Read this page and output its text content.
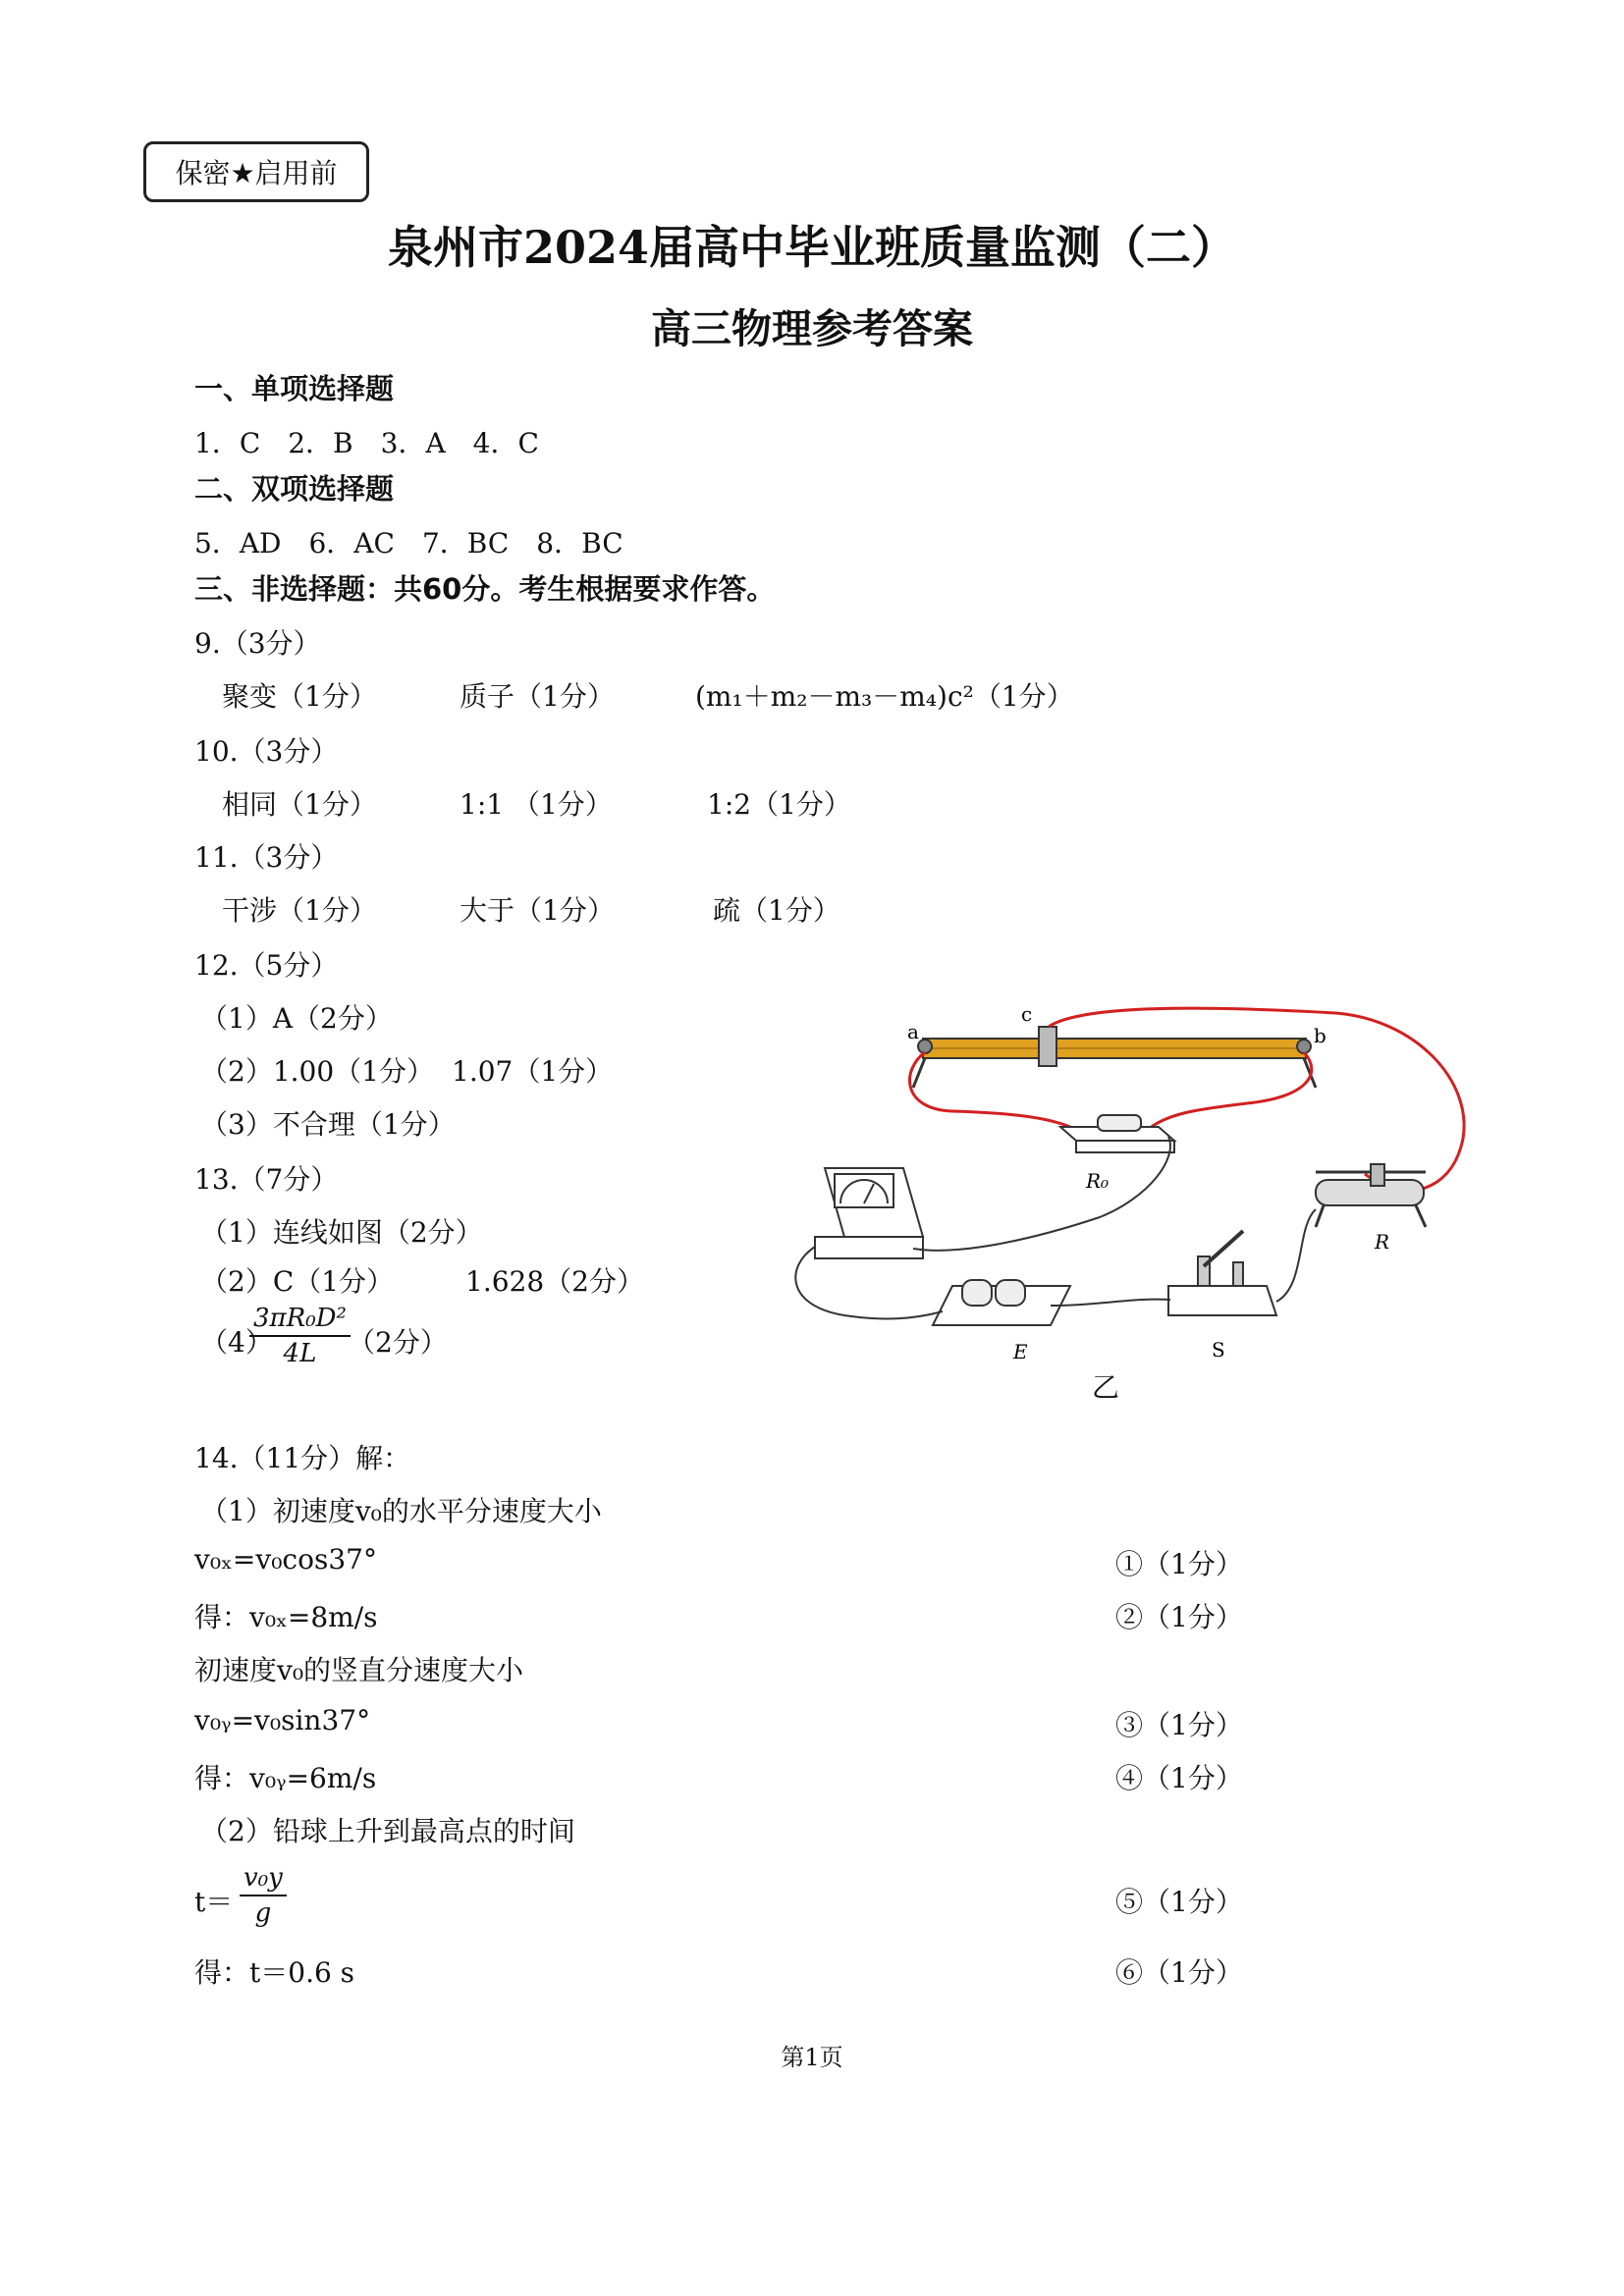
保密★启用前
泉州市2024届高中毕业班质量监测（二）
高三物理参考答案
一、单项选择题
1．C　2．B　3．A　4．C
二、双项选择题
5．AD　6．AC　7．BC　8．BC
三、非选择题：共60分。考生根据要求作答。
9.（3分）
聚变（1分）	质子（1分）	(m₁＋m₂－m₃－m₄)c²（1分）
10.（3分）
相同（1分）	1:1 （1分）	1:2（1分）
11.（3分）
干涉（1分）	大于（1分）	疏（1分）
12.（5分）
（1）A（2分）
（2）1.00（1分） 1.07（1分）
（3）不合理（1分）
13.（7分）
（1）连线如图（2分）
（2）C（1分）	1.628（2分）
（4）
$\frac{\text{3πR₀D²}}{4L}$
（2分）
a
c
b
R₀
E	S
R
乙
14.（11分）解：
（1）初速度v₀的水平分速度大小
v₀ₓ=v₀cos37°	①（1分）
得：v₀ₓ=8m/s	②（1分）
初速度v₀的竖直分速度大小
v₀ᵧ=v₀sin37°	③（1分）
得：v₀ᵧ=6m/s	④（1分）
（2）铅球上升到最高点的时间
$t= \frac{\text{v₀y}}{g}$	⑤（1分）
得：t＝0.6 s	⑥（1分）
第1页
